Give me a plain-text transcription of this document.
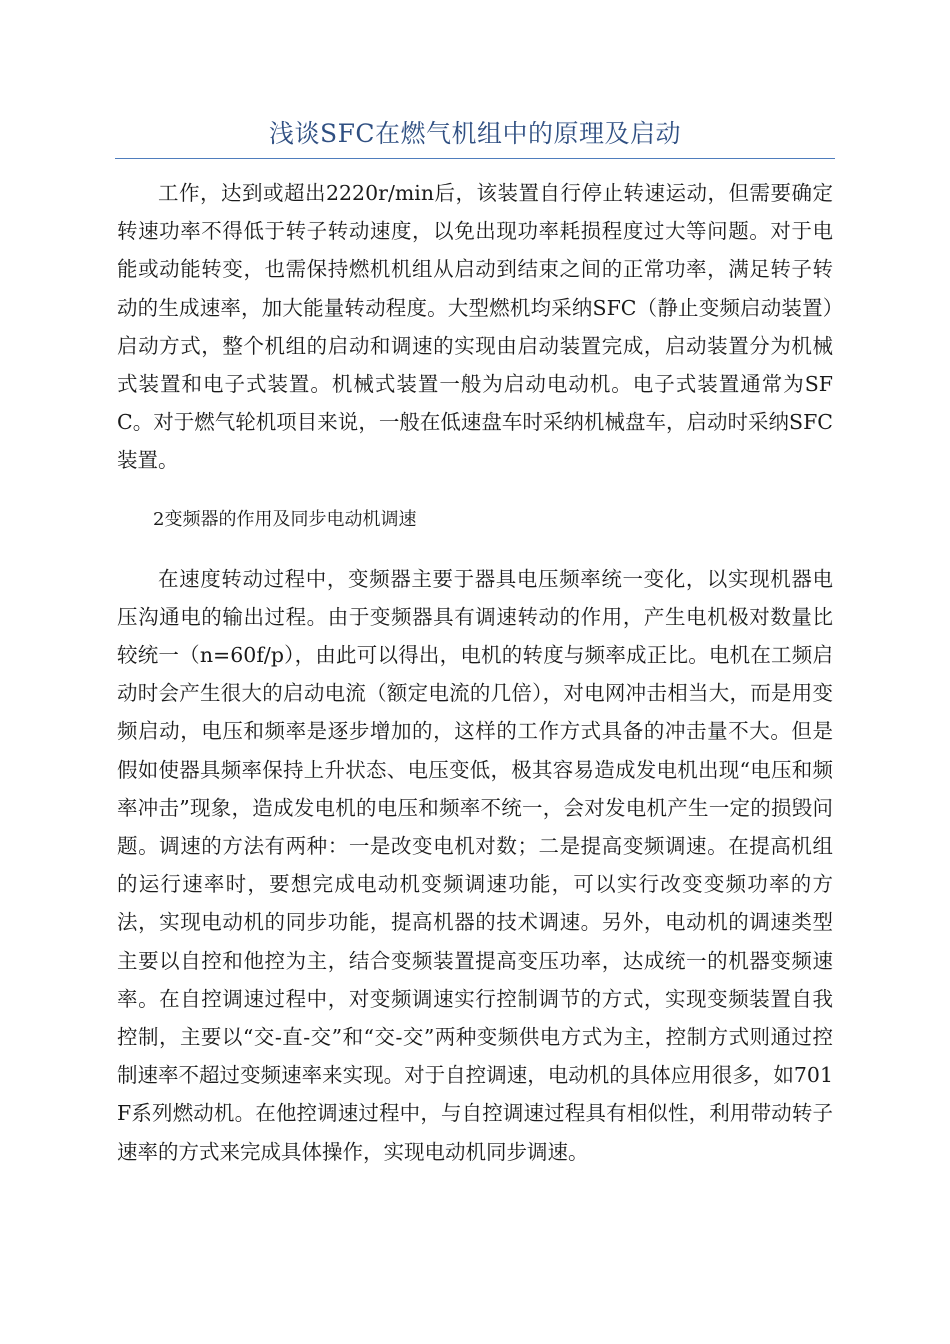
浅谈SFC在燃气机组中的原理及启动

工作，达到或超出2220r/min后，该装置自行停止转速运动，但需要确定转速功率不得低于转子转动速度，以免出现功率耗损程度过大等问题。对于电能或动能转变，也需保持燃机机组从启动到结束之间的正常功率，满足转子转动的生成速率，加大能量转动程度。大型燃机均采纳SFC（静止变频启动装置）启动方式，整个机组的启动和调速的实现由启动装置完成，启动装置分为机械式装置和电子式装置。机械式装置一般为启动电动机。电子式装置通常为SFC。对于燃气轮机项目来说，一般在低速盘车时采纳机械盘车，启动时采纳SFC装置。

2变频器的作用及同步电动机调速

在速度转动过程中，变频器主要于器具电压频率统一变化，以实现机器电压沟通电的输出过程。由于变频器具有调速转动的作用，产生电机极对数量比较统一（n=60f/p），由此可以得出，电机的转度与频率成正比。电机在工频启动时会产生很大的启动电流（额定电流的几倍），对电网冲击相当大，而是用变频启动，电压和频率是逐步增加的，这样的工作方式具备的冲击量不大。但是假如使器具频率保持上升状态、电压变低，极其容易造成发电机出现“电压和频率冲击”现象，造成发电机的电压和频率不统一，会对发电机产生一定的损毁问题。调速的方法有两种：一是改变电机对数；二是提高变频调速。在提高机组的运行速率时，要想完成电动机变频调速功能，可以实行改变变频功率的方法，实现电动机的同步功能，提高机器的技术调速。另外，电动机的调速类型主要以自控和他控为主，结合变频装置提高变压功率，达成统一的机器变频速率。在自控调速过程中，对变频调速实行控制调节的方式，实现变频装置自我控制，主要以“交-直-交”和“交-交”两种变频供电方式为主，控制方式则通过控制速率不超过变频速率来实现。对于自控调速，电动机的具体应用很多，如701F系列燃动机。在他控调速过程中，与自控调速过程具有相似性，利用带动转子速率的方式来完成具体操作，实现电动机同步调速。
